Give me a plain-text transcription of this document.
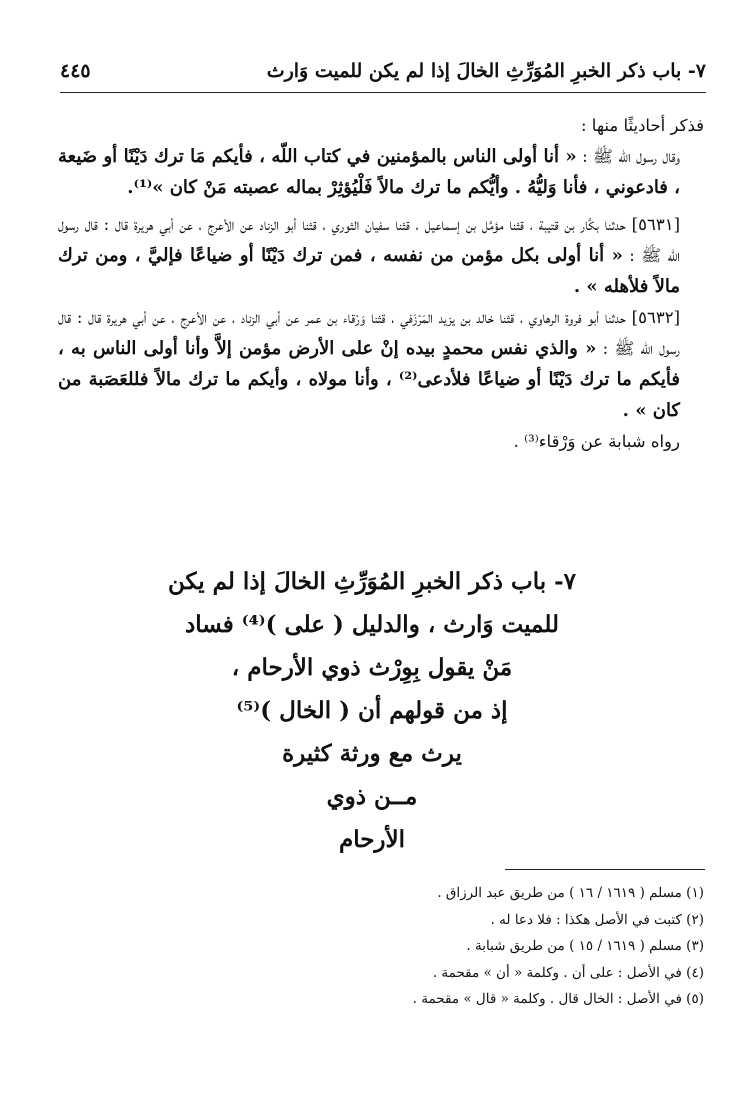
٧- باب ذكر الخبرِ المُوَرِّثِ الخالَ إذا لم يكن للميت وَارث
٤٤٥

فذكر أحاديثًا منها :

وقال رسول اللّه ﷺ : « أنا أولى الناس بالمؤمنين في كتاب اللّه ، فأيكم مَا ترك دَيْنًا أو ضَيعة ، فادعوني ، فأنا وَليُّهُ . وأيُّكم ما ترك مالاً فَلْيُؤثِرْ بماله عصبته مَنْ كان »⁽¹⁾.

[٥٦٣١] حدثنا بكَّار بن قتيبة ، قثنا مؤمَّل بن إسماعيل ، قثنا سفيان الثوري ، قثنا أبو الزناد عن الأعرج ، عن أبي هريرة قال : قال رسول اللّه ﷺ : « أنا أولى بكل مؤمن من نفسه ، فمن ترك دَيْنًا أو ضياعًا فإليَّ ، ومن ترك مالاً فلأهله » .

[٥٦٣٢] حدثنا أبو فروة الرهاوي ، قثنا خالد بن يزيد المَرْزَفي ، قثنا وَرْقاء بن عمر عن أبي الزناد ، عن الأعرج ، عن أبي هريرة قال : قال رسول اللّه ﷺ : « والذي نفس محمدٍ بيده إنْ على الأرض مؤمن إلاَّ وأنا أولى الناس به ، فأيكم ما ترك دَيْنًا أو ضياعًا فلأدعى⁽²⁾ ، وأنا مولاه ، وأيكم ما ترك مالاً فللعَصَبة من كان » .

رواه شبابة عن وَرْقاء⁽³⁾ .

٧- باب ذكر الخبرِ المُوَرِّثِ الخالَ إذا لم يكن
للميت وَارث ، والدليل ( على )⁽⁴⁾ فساد
مَنْ يقول بِوِرْث ذوي الأرحام ،
إذ من قولهم أن ( الخال )⁽⁵⁾
يرث مع ورثة كثيرة
مــن ذوي
الأرحام
(١) مسلم ( ١٦١٩ / ١٦ ) من طريق عبد الرزاق .
(٢) كتبت في الأصل هكذا : فلا دعا له .
(٣) مسلم ( ١٦١٩ / ١٥ ) من طريق شبابة .
(٤) في الأصل : على أن . وكلمة « أن » مقحمة .
(٥) في الأصل : الخال قال . وكلمة « قال » مقحمة .
